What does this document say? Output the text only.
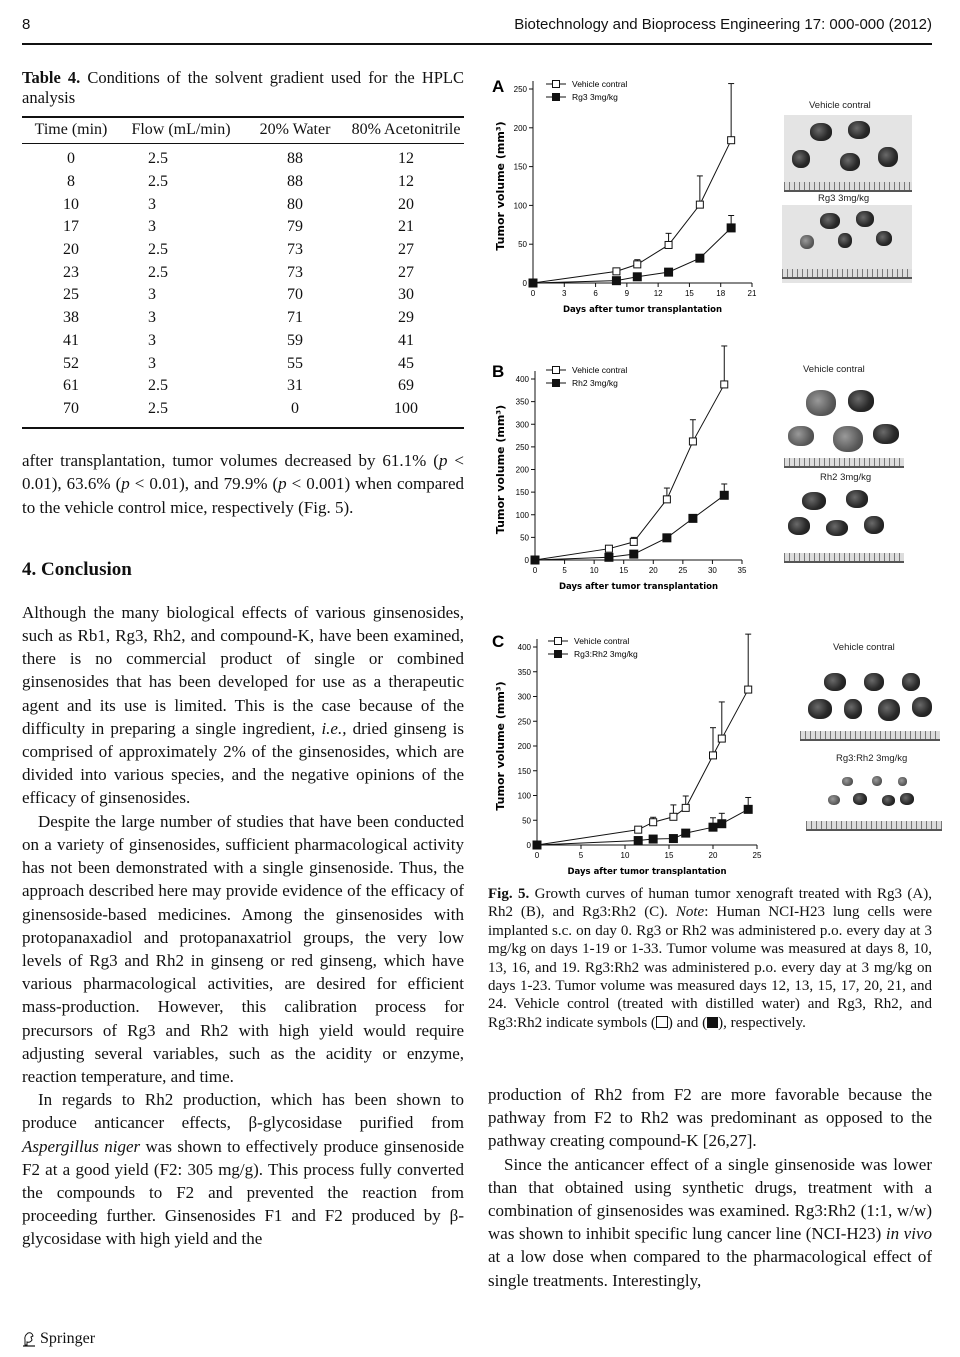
8	Biotechnology and Bioprocess Engineering 17: 000-000 (2012)

Table 4. Conditions of the solvent gradient used for the HPLC analysis

Time (min)	Flow (mL/min)	20% Water	80% Acetonitrile
0	2.5	88	12
8	2.5	88	12
10	3	80	20
17	3	79	21
20	2.5	73	27
23	2.5	73	27
25	3	70	30
38	3	71	29
41	3	59	41
52	3	55	45
61	2.5	31	69
70	2.5	0	100

after transplantation, tumor volumes decreased by 61.1% (p < 0.01), 63.6% (p < 0.01), and 79.9% (p < 0.001) when compared to the vehicle control mice, respectively (Fig. 5).

4. Conclusion

Although the many biological effects of various ginsenosides, such as Rb1, Rg3, Rh2, and compound-K, have been examined, there is no commercial product of single or combined ginsenosides that has been developed for use as a therapeutic agent and its use is limited. This is the case because of the difficulty in preparing a single ingredient, i.e., dried ginseng is comprised of approximately 2% of the ginsenosides, which are divided into various species, and the negative opinions of the efficacy of ginsenosides.

Despite the large number of studies that have been conducted on a variety of ginsenosides, sufficient pharmacological activity has not been demonstrated with a single ginsenoside. Thus, the approach described here may provide evidence of the efficacy of ginensoside-based medicines. Among the ginsenosides with protopanaxadiol and protopanaxatriol groups, the very low levels of Rg3 and Rh2 in ginseng or red ginseng, which have various pharmacological activities, are desired for efficient mass-production. However, this calibration process for precursors of Rg3 and Rh2 with high yield would require adjusting several variables, such as the acidity or enzyme, reaction temperature, and time.

In regards to Rh2 production, which has been shown to produce anticancer effects, β-glycosidase purified from Aspergillus niger was shown to effectively produce ginsenoside F2 at a good yield (F2: 305 mg/g). This process fully converted the compounds to F2 and prevented the reaction from proceeding further. Ginsenosides F1 and F2 produced by β-glycosidase with high yield and the

0	3	6	9	12	15	18	21
0
50
100
150
200
250
A
Days after tumor transplantation
Tumor volume (mm³)
Vehicle contral
Rg3 3mg/kg
0	5	10	15	20	25	30	35
0
50
100
150
200
250
300
350
400
B
Days after tumor transplantation
Tumor volume (mm³)
Vehicle contral
Rh2 3mg/kg
0	5	10	15	20	25
0
50
100
150
200
250
300
350
400
C
Days after tumor transplantation
Tumor volume (mm³)
Vehicle contral
Rg3:Rh2 3mg/kg
Vehicle contral
Rg3 3mg/kg
Vehicle contral
Rh2 3mg/kg
Vehicle contral
Rg3:Rh2 3mg/kg

Fig. 5. Growth curves of human tumor xenograft treated with Rg3 (A), Rh2 (B), and Rg3:Rh2 (C). Note: Human NCI-H23 lung cells were implanted s.c. on day 0. Rg3 or Rh2 was administered p.o. every day at 3 mg/kg on days 1-19 or 1-33. Tumor volume was measured at days 8, 10, 13, 16, and 19. Rg3:Rh2 was administered p.o. every day at 3 mg/kg on days 1-23. Tumor volume was measured days 12, 13, 15, 17, 20, 21, and 24. Vehicle control (treated with distilled water) and Rg3, Rh2, and Rg3:Rh2 indicate symbols ( ) and ( ), respectively.

production of Rh2 from F2 are more favorable because the pathway from F2 to Rh2 was predominant as opposed to the pathway creating compound-K [26,27].

Since the anticancer effect of a single ginsenoside was lower than that obtained using synthetic drugs, treatment with a combination of ginsenosides was examined. Rg3:Rh2 (1:1, w/w) was shown to inhibit specific lung cancer line (NCI-H23) in vivo at a low dose when compared to the pharmacological effect of single treatments. Interestingly,

Springer
